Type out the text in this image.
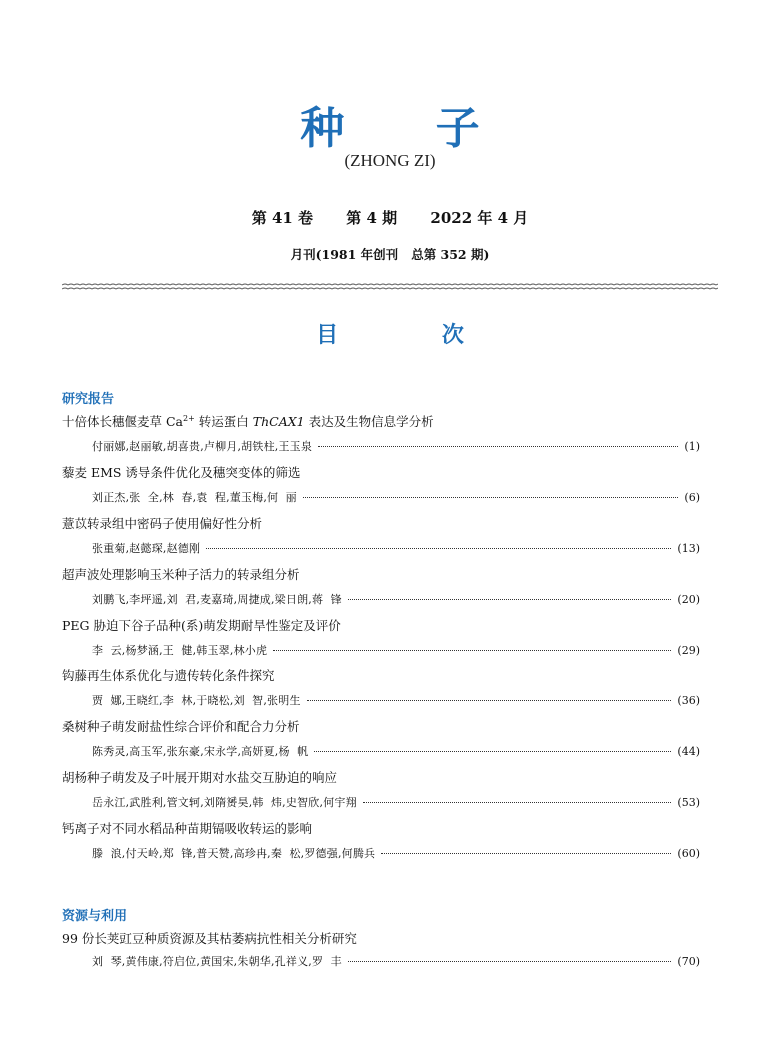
种 子
(ZHONG ZI)
第 41 卷 第 4 期 2022 年 4 月
月刊(1981 年创刊   总第 352 期)
目 次
研究报告
十倍体长穗偃麦草 $Ca^{2+}$ 转运蛋白 ThCAX1 表达及生物信息学分析
付丽娜,赵丽敏,胡喜贵,卢柳月,胡铁柱,王玉泉	(1)
藜麦 EMS 诱导条件优化及穗突变体的筛选
刘正杰,张  全,林  春,袁  程,董玉梅,何  丽	(6)
薏苡转录组中密码子使用偏好性分析
张重菊,赵懿琛,赵德刚	(13)
超声波处理影响玉米种子活力的转录组分析
刘鹏飞,李坪遥,刘  君,麦嘉琦,周捷成,梁日朗,蒋  锋	(20)
PEG 胁迫下谷子品种(系)萌发期耐旱性鉴定及评价
李  云,杨梦涵,王  健,韩玉翠,林小虎	(29)
钩藤再生体系优化与遗传转化条件探究
贾  娜,王晓红,李  林,于晓松,刘  智,张明生	(36)
桑树种子萌发耐盐性综合评价和配合力分析
陈秀灵,高玉军,张东豪,宋永学,高妍夏,杨  帆	(44)
胡杨种子萌发及子叶展开期对水盐交互胁迫的响应
岳永江,武胜利,管文轲,刘隋赟昊,韩  炜,史智欣,何宇翔	(53)
钙离子对不同水稻品种苗期镉吸收转运的影响
滕  浪,付天岭,郑  锋,普天赞,高珍冉,秦  松,罗德强,何腾兵	(60)
资源与利用
99 份长荚豇豆种质资源及其枯萎病抗性相关分析研究
刘  琴,黄伟康,符启位,黄国宋,朱朝华,孔祥义,罗  丰	(70)
